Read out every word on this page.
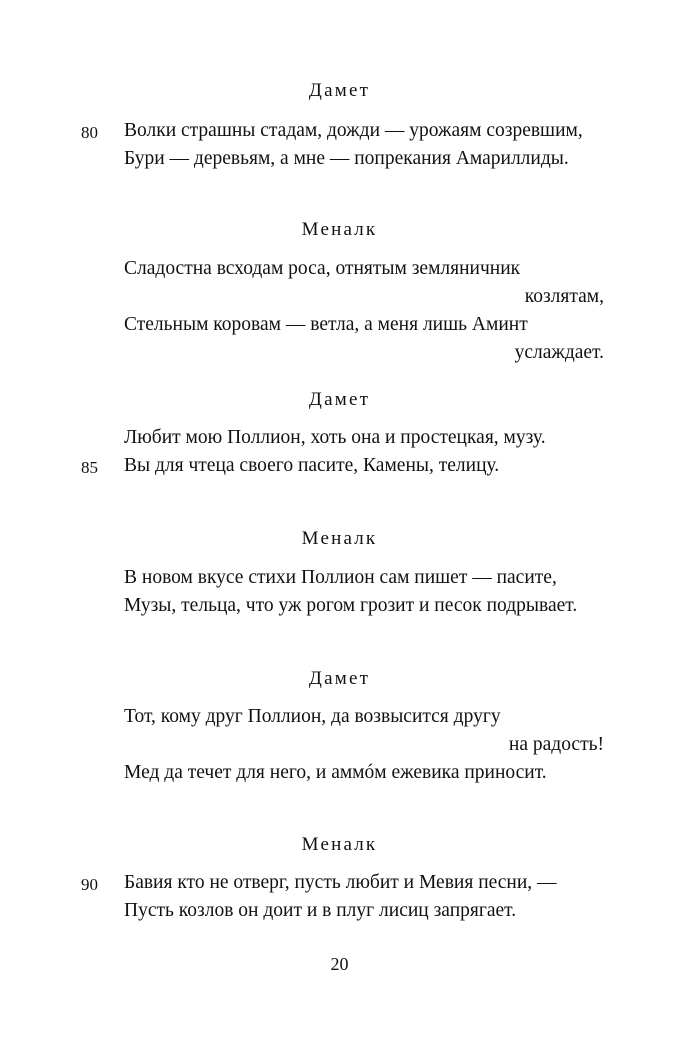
Дамет
80 Волки страшны стадам, дожди — урожаям созревшим,
Бури — деревьям, а мне — попрекания Амариллиды.
Меналк
Сладостна всходам роса, отнятым земляничник
козлятам,
Стельным коровам — ветла, а меня лишь Аминт
услаждает.
Дамет
Любит мою Поллион, хоть она и простецкая, музу.
85 Вы для чтеца своего пасите, Камены, телицу.
Меналк
В новом вкусе стихи Поллион сам пишет — пасите,
Музы, тельца, что уж рогом грозит и песок подрывает.
Дамет
Тот, кому друг Поллион, да возвысится другу
на радость!
Мед да течет для него, и аммóм ежевика приносит.
Меналк
90 Бавия кто не отверг, пусть любит и Мевия песни, —
Пусть козлов он доит и в плуг лисиц запрягает.
20
